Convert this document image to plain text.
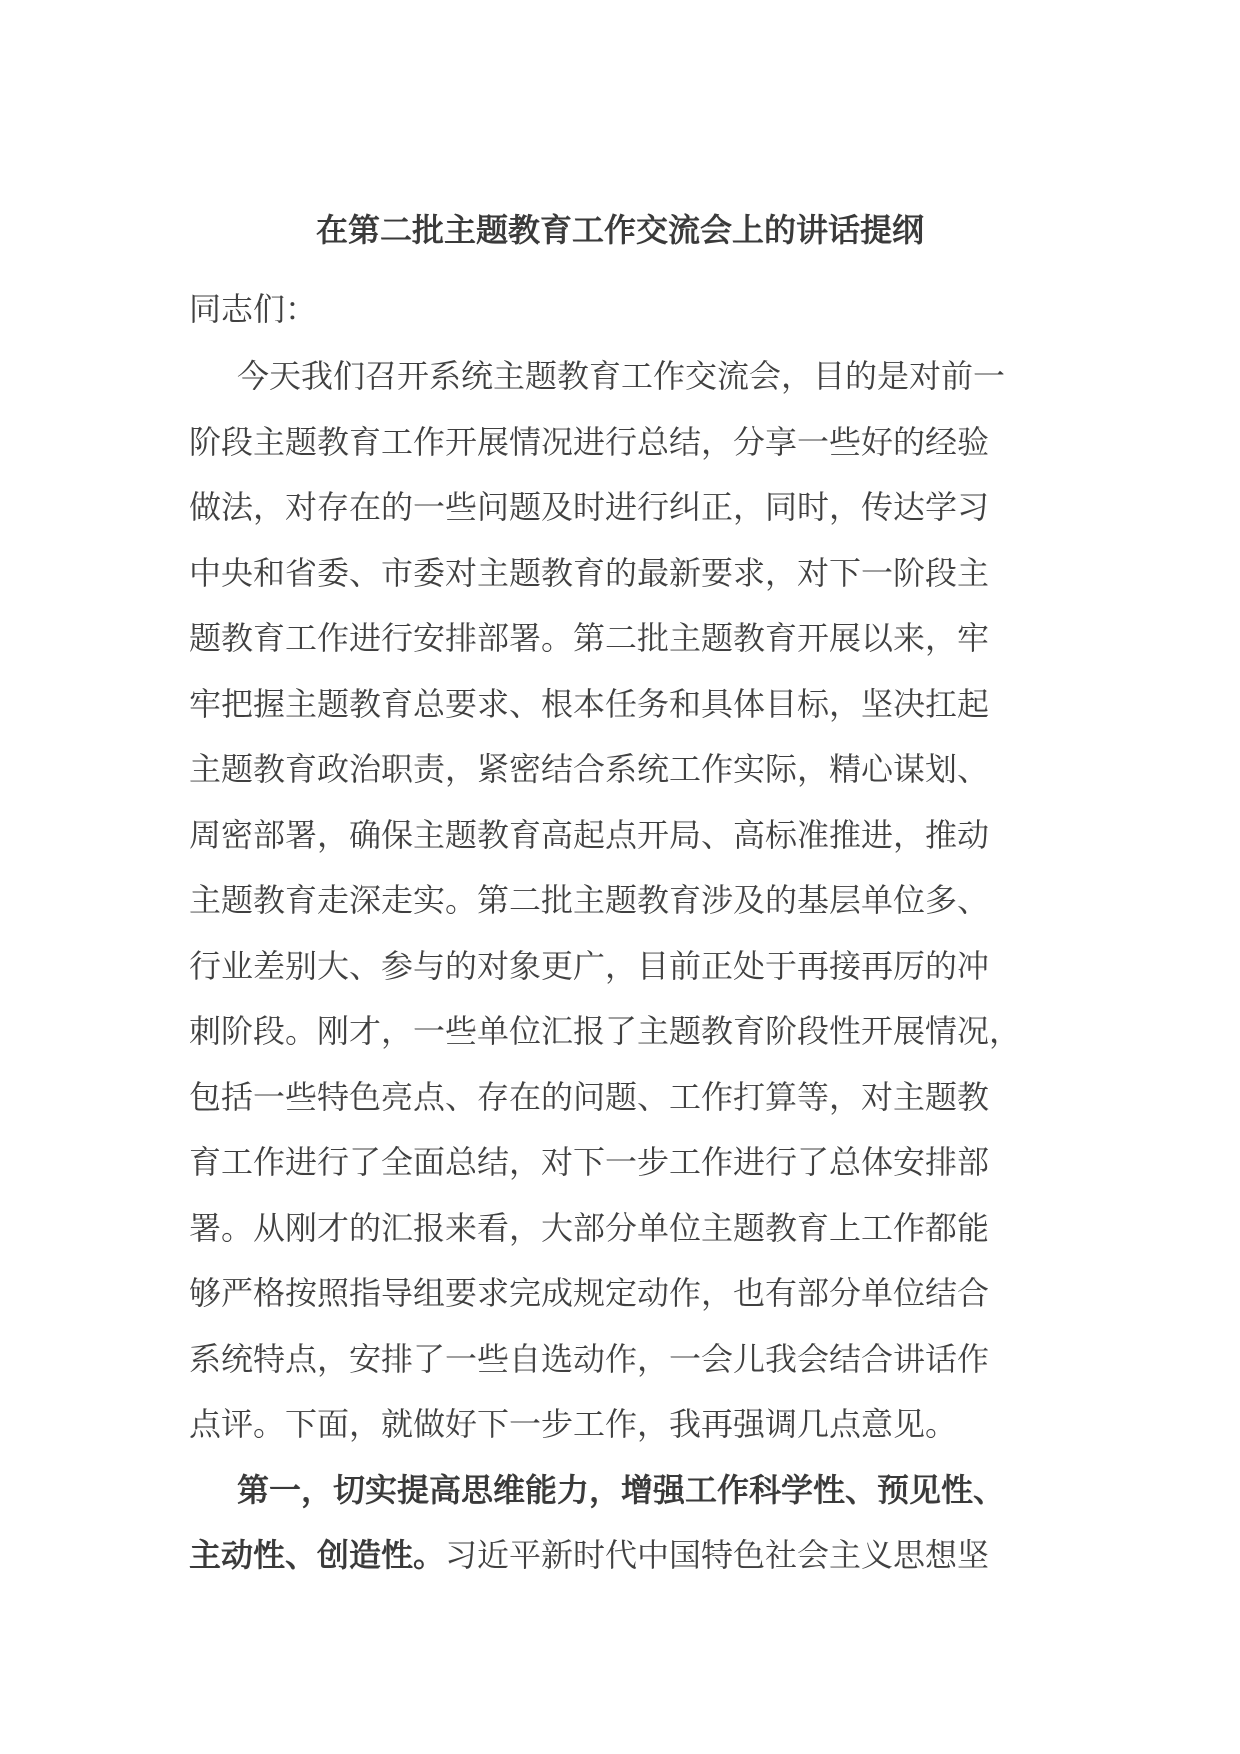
在第二批主题教育工作交流会上的讲话提纲
同志们：
今天我们召开系统主题教育工作交流会，目的是对前一
阶段主题教育工作开展情况进行总结，分享一些好的经验
做法，对存在的一些问题及时进行纠正，同时，传达学习
中央和省委、市委对主题教育的最新要求，对下一阶段主
题教育工作进行安排部署。第二批主题教育开展以来，牢
牢把握主题教育总要求、根本任务和具体目标，坚决扛起
主题教育政治职责，紧密结合系统工作实际，精心谋划、
周密部署，确保主题教育高起点开局、高标准推进，推动
主题教育走深走实。第二批主题教育涉及的基层单位多、
行业差别大、参与的对象更广，目前正处于再接再厉的冲
刺阶段。刚才，一些单位汇报了主题教育阶段性开展情况，
包括一些特色亮点、存在的问题、工作打算等，对主题教
育工作进行了全面总结，对下一步工作进行了总体安排部
署。从刚才的汇报来看，大部分单位主题教育上工作都能
够严格按照指导组要求完成规定动作，也有部分单位结合
系统特点，安排了一些自选动作，一会儿我会结合讲话作
点评。下面，就做好下一步工作，我再强调几点意见。
第一，切实提高思维能力，增强工作科学性、预见性、
主动性、创造性。习近平新时代中国特色社会主义思想坚
